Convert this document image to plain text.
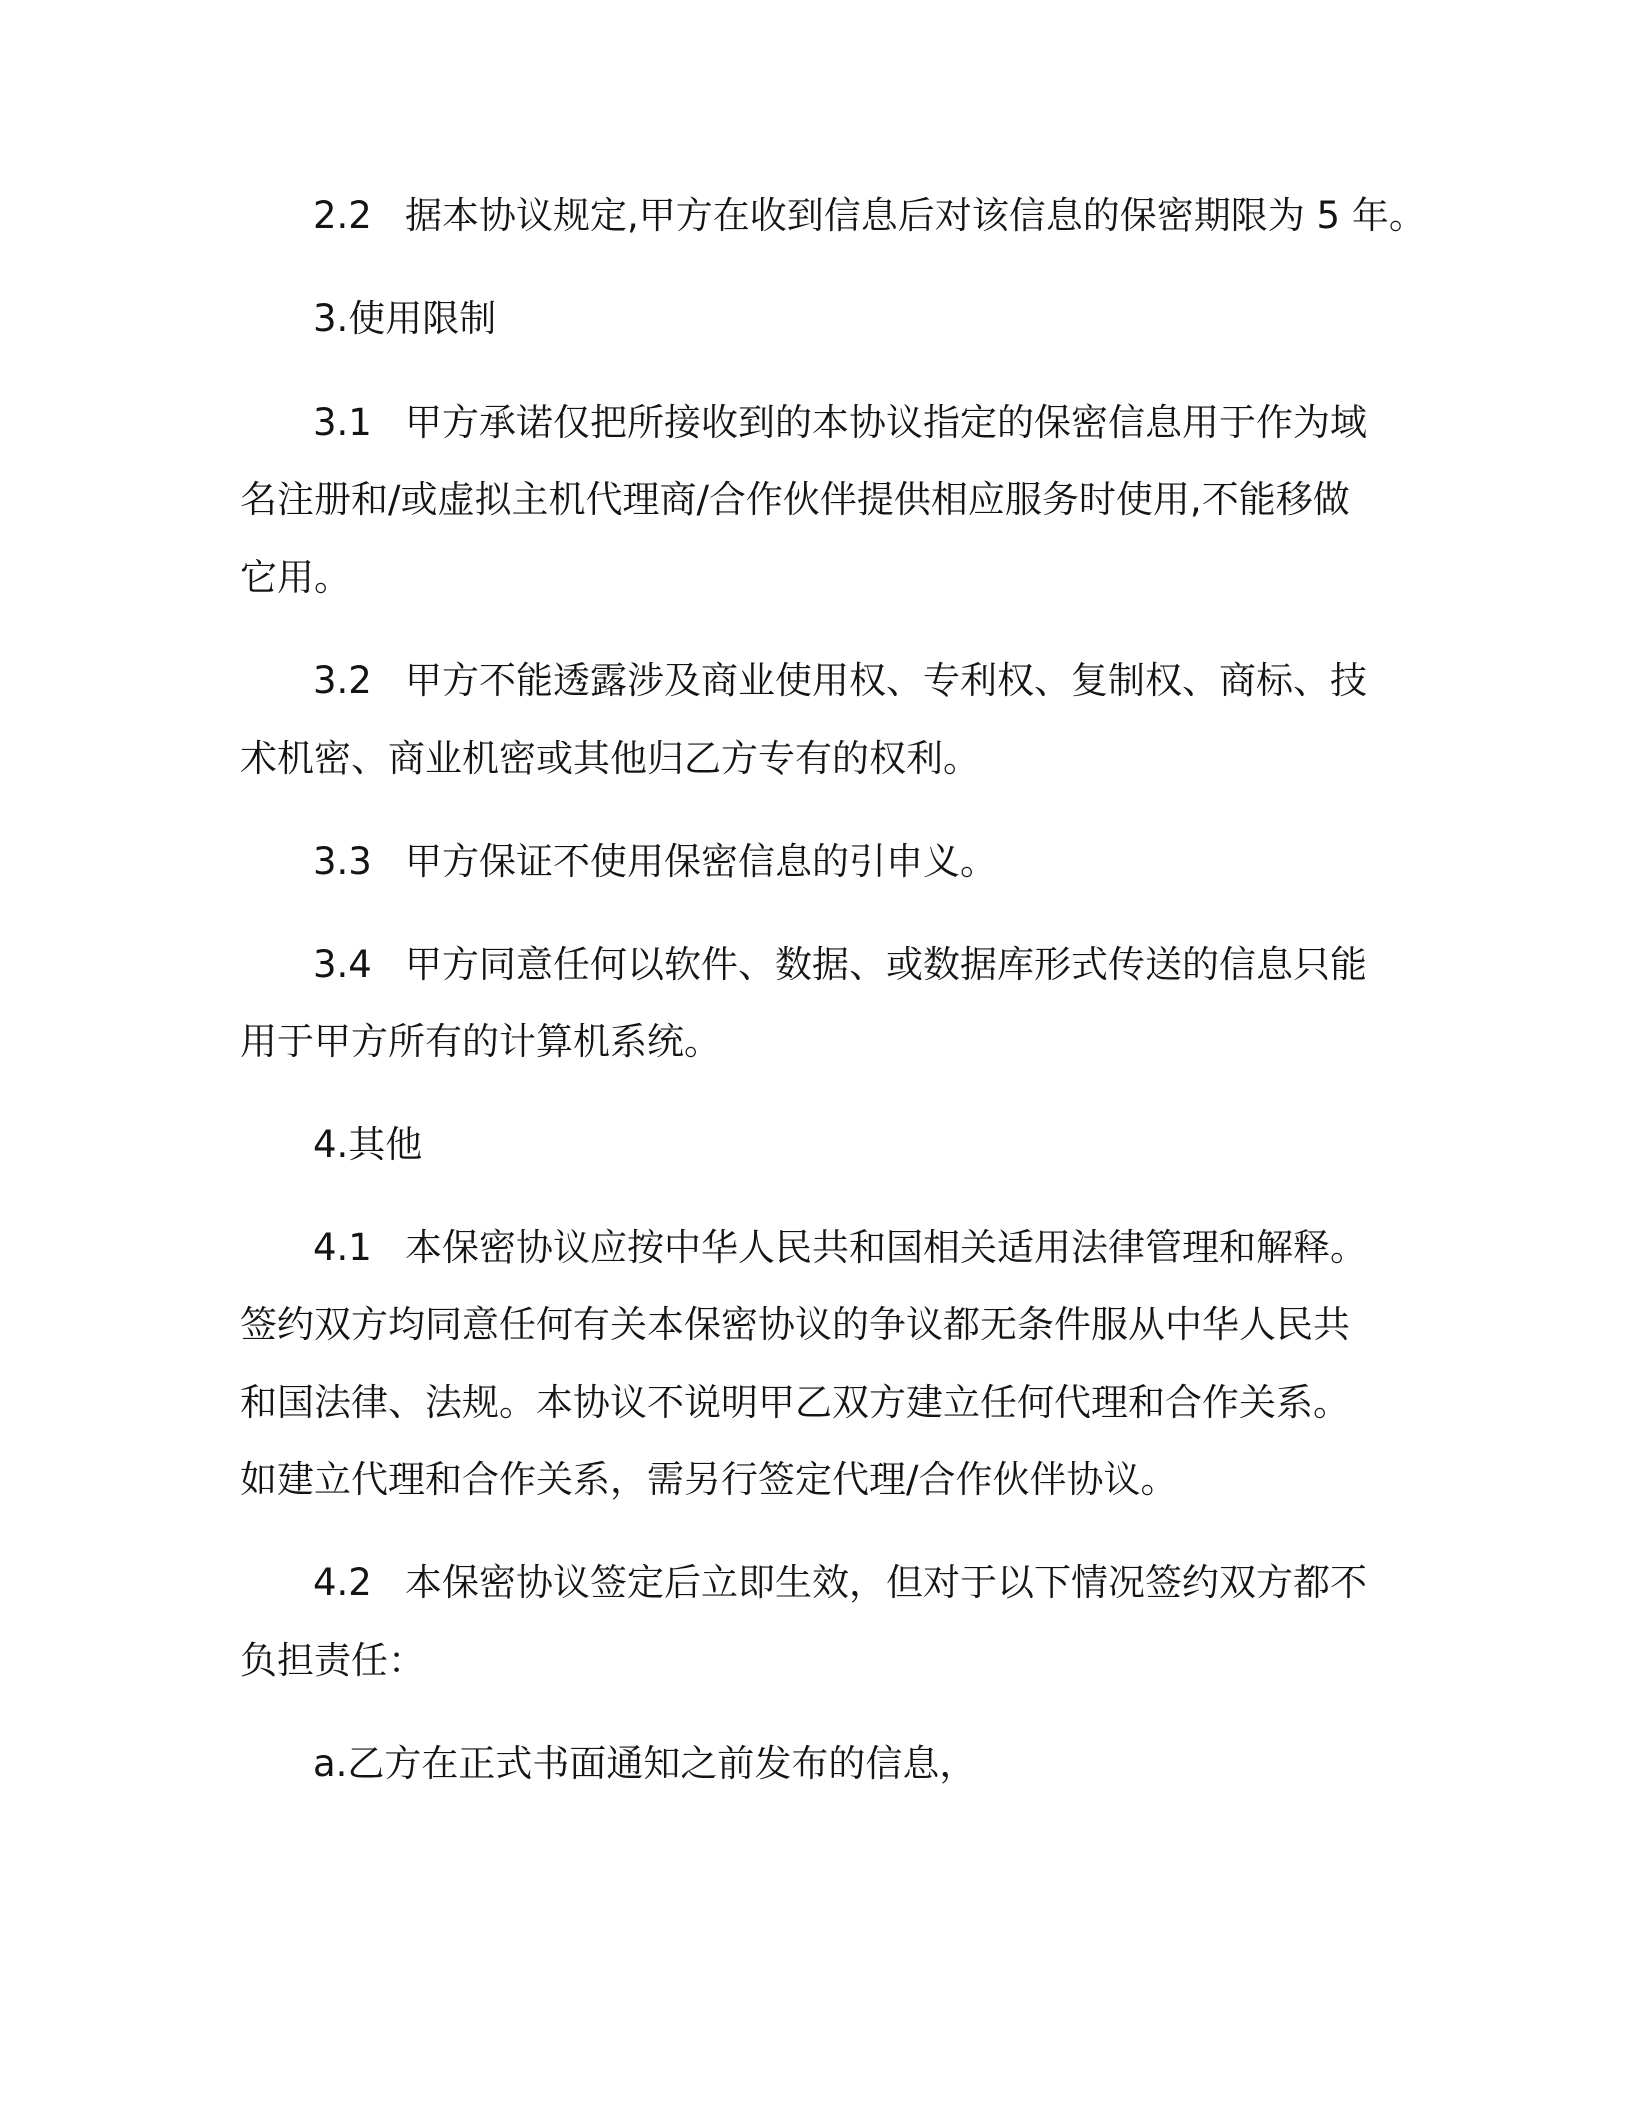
2.2 据本协议规定,甲方在收到信息后对该信息的保密期限为 5 年。
3.使用限制
3.1 甲方承诺仅把所接收到的本协议指定的保密信息用于作为域
名注册和/或虚拟主机代理商/合作伙伴提供相应服务时使用,不能移做
它用。
3.2 甲方不能透露涉及商业使用权、专利权、复制权、商标、技
术机密、商业机密或其他归乙方专有的权利。
3.3 甲方保证不使用保密信息的引申义。
3.4 甲方同意任何以软件、数据、或数据库形式传送的信息只能
用于甲方所有的计算机系统。
4.其他
4.1 本保密协议应按中华人民共和国相关适用法律管理和解释。
签约双方均同意任何有关本保密协议的争议都无条件服从中华人民共
和国法律、法规。本协议不说明甲乙双方建立任何代理和合作关系。
如建立代理和合作关系，需另行签定代理/合作伙伴协议。
4.2 本保密协议签定后立即生效，但对于以下情况签约双方都不
负担责任：
a.乙方在正式书面通知之前发布的信息，
